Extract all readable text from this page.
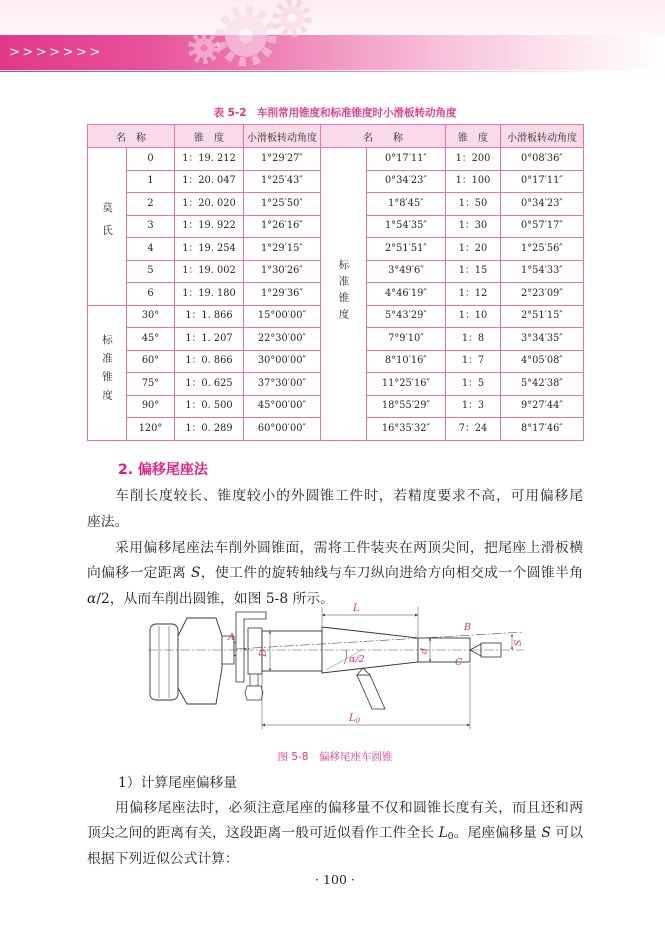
>>>>>>>
表 5-2　车削常用锥度和标准锥度时小滑板转动角度
名　称		锥　度	小滑板转动角度	名　　称		锥　度	小滑板转动角度
莫氏	0	1：19. 212	1°29′27″	标准锥度	0°17′11″	1：200	0°08′36″
	1	1：20. 047	1°25′43″		0°34′23″	1：100	0°17′11″
	2	1：20. 020	1°25′50″		1°8′45″	1：50	0°34′23″
	3	1：19. 922	1°26′16″		1°54′35″	1：30	0°57′17″
	4	1：19. 254	1°29′15″		2°51′51″	1：20	1°25′56″
	5	1：19. 002	1°30′26″		3°49′6″	1：15	1°54′33″
	6	1：19. 180	1°29′36″		4°46′19″	1：12	2°23′09″
标准锥度	30°	1：1. 866	15°00′00″		5°43′29″	1：10	2°51′15″
	45°	1：1. 207	22°30′00″		7°9′10″	1：8	3°34′35″
	60°	1：0. 866	30°00′00″		8°10′16″	1：7	4°05′08″
	75°	1：0. 625	37°30′00″		11°25′16″	1：5	5°42′38″
	90°	1：0. 500	45°00′00″		18°55′29″	1：3	9°27′44″
	120°	1：0. 289	60°00′00″		16°35′32″	7：24	8°17′46″
2. 偏移尾座法
车削长度较长、锥度较小的外圆锥工件时，若精度要求不高，可用偏移尾
座法。
采用偏移尾座法车削外圆锥面，需将工件装夹在两顶尖间，把尾座上滑板横
向偏移一定距离 S，使工件的旋转轴线与车刀纵向进给方向相交成一个圆锥半角
α/2，从而车削出圆锥，如图 5-8 所示。
L
$L_0$
D	d
S
A
B
C
α/2
图 5-8　偏移尾座车圆锥
1）计算尾座偏移量
用偏移尾座法时，必须注意尾座的偏移量不仅和圆锥长度有关，而且还和两
顶尖之间的距离有关，这段距离一般可近似看作工件全长 $L_0$。尾座偏移量 S 可以
根据下列近似公式计算：
· 100 ·
